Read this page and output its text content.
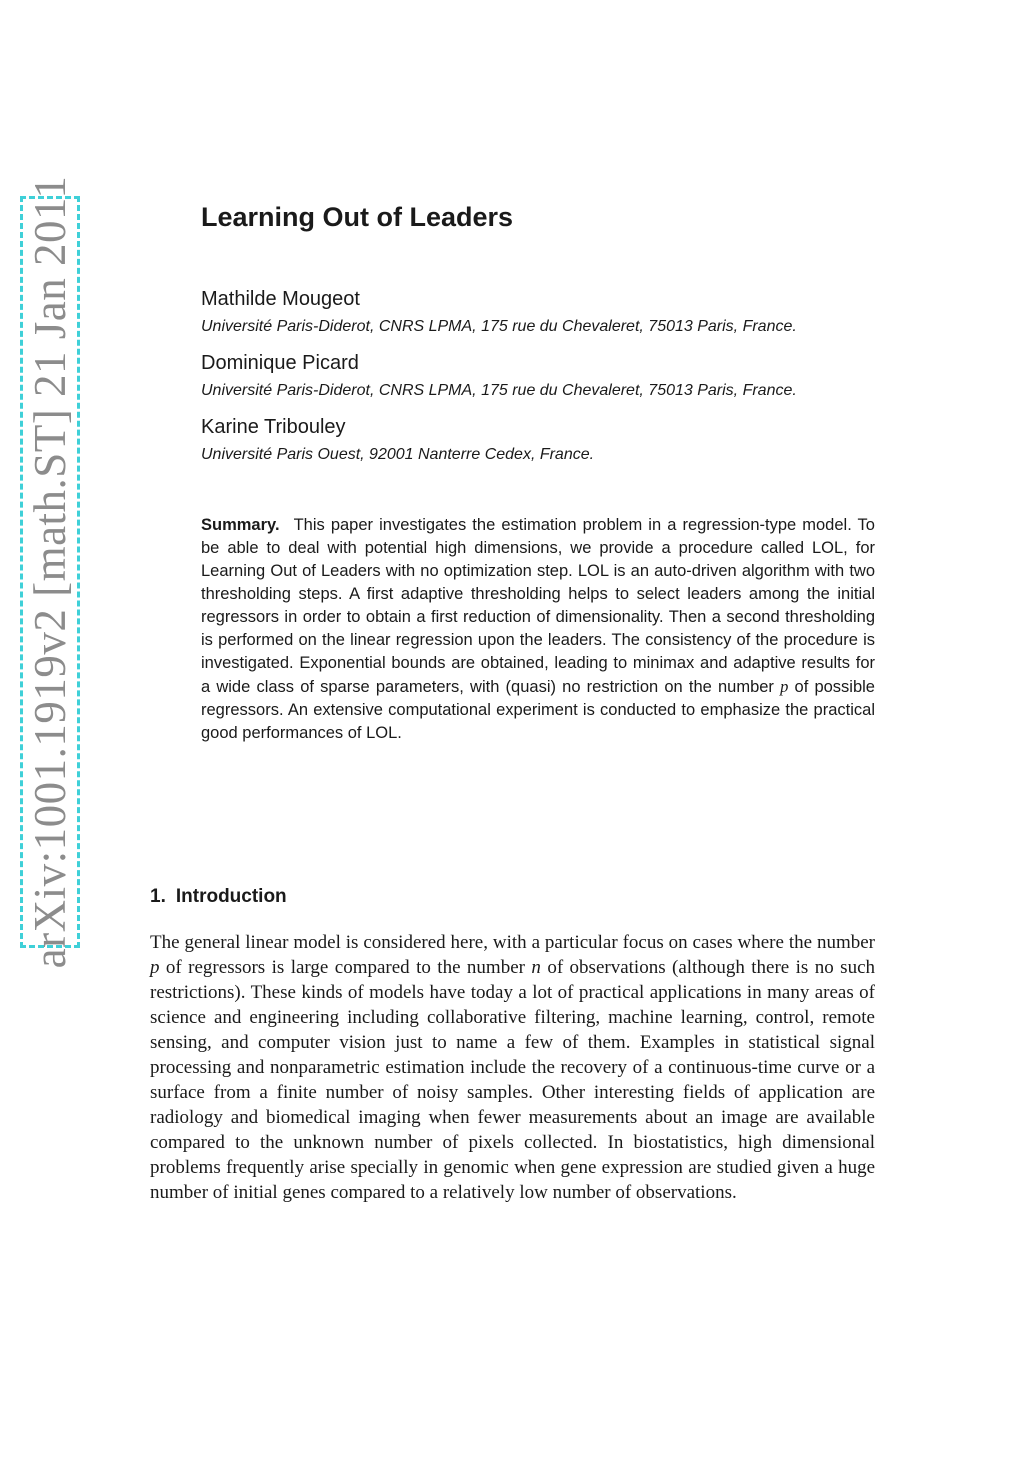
arXiv:1001.1919v2 [math.ST] 21 Jan 2011	Learning Out of Leaders

Mathilde Mougeot

Université Paris-Diderot, CNRS LPMA, 175 rue du Chevaleret, 75013 Paris, France.

Dominique Picard

Université Paris-Diderot, CNRS LPMA, 175 rue du Chevaleret, 75013 Paris, France.

Karine Tribouley

Université Paris Ouest, 92001 Nanterre Cedex, France.

Summary. This paper investigates the estimation problem in a regression-type model. To be able to deal with potential high dimensions, we provide a procedure called LOL, for Learning Out of Leaders with no optimization step. LOL is an auto-driven algorithm with two thresholding steps. A first adaptive thresholding helps to select leaders among the initial regressors in order to obtain a first reduction of dimensionality. Then a second thresholding is performed on the linear regression upon the leaders. The consistency of the procedure is investigated. Exponential bounds are obtained, leading to minimax and adaptive results for a wide class of sparse parameters, with (quasi) no restriction on the number p of possible regressors. An extensive computational experiment is conducted to emphasize the practical good performances of LOL.

1. Introduction

The general linear model is considered here, with a particular focus on cases where the number p of regressors is large compared to the number n of observations (although there is no such restrictions). These kinds of models have today a lot of practical applications in many areas of science and engineering including collaborative filtering, machine learning, control, remote sensing, and computer vision just to name a few of them. Examples in statistical signal processing and nonparametric estimation include the recovery of a continuous-time curve or a surface from a finite number of noisy samples. Other interesting fields of application are radiology and biomedical imaging when fewer measurements about an image are available compared to the unknown number of pixels collected. In biostatistics, high dimensional problems frequently arise specially in genomic when gene expression are studied given a huge number of initial genes compared to a relatively low number of observations.
